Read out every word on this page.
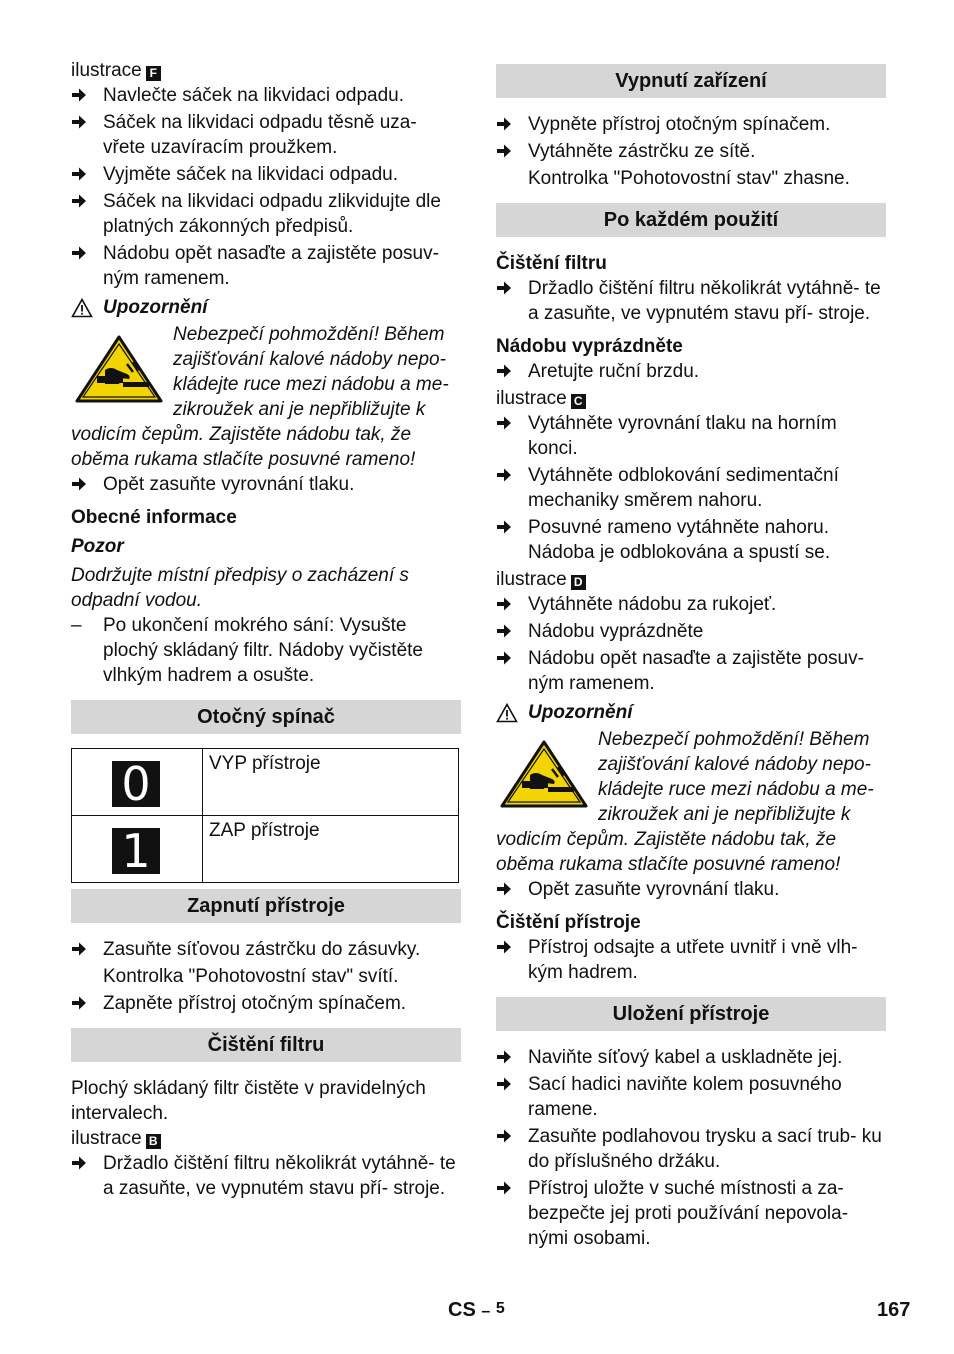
ilustrace F

Navlečte sáček na likvidaci odpadu.
Sáček na likvidaci odpadu těsně uza- vřete uzavíracím proužkem.
Vyjměte sáček na likvidaci odpadu.
Sáček na likvidaci odpadu zlikvidujte dle platných zákonných předpisů.
Nádobu opět nasaďte a zajistěte posuv- ným ramenem.
Upozornění

Nebezpečí pohmoždění! Během

zajišťování kalové nádoby nepo-

kládejte ruce mezi nádobu a me-

zikroužek ani je nepřibližujte k

vodicím čepům. Zajistěte nádobu tak, že

oběma rukama stlačíte posuvné rameno!

Opět zasuňte vyrovnání tlaku.

Obecné informace

Pozor

Dodržujte místní předpisy o zacházení s odpadní vodou.

–	Po ukončení mokrého sání: Vysušte plochý skládaný filtr. Nádoby vyčistěte vlhkým hadrem a osušte.
Otočný spínač
0	VYP přístroje

1	ZAP přístroje
Zapnutí přístroje
Zasuňte síťovou zástrčku do zásuvky.

Kontrolka "Pohotovostní stav" svítí.

Zapněte přístroj otočným spínačem.
Čištění filtru

Plochý skládaný filtr čistěte v pravidelných intervalech.

ilustrace B

Držadlo čištění filtru několikrát vytáhně- te a zasuňte, ve vypnutém stavu pří- stroje.
Vypnutí zařízení
Vypněte přístroj otočným spínačem.
Vytáhněte zástrčku ze sítě.

Kontrolka "Pohotovostní stav" zhasne.

Po každém použití

Čištění filtru

Držadlo čištění filtru několikrát vytáhně- te a zasuňte, ve vypnutém stavu pří- stroje.

Nádobu vyprázdněte

Aretujte ruční brzdu.

ilustrace C

Vytáhněte vyrovnání tlaku na horním konci.
Vytáhněte odblokování sedimentační mechaniky směrem nahoru.
Posuvné rameno vytáhněte nahoru.

Nádoba je odblokována a spustí se.

ilustrace D

Vytáhněte nádobu za rukojeť.
Nádobu vyprázdněte
Nádobu opět nasaďte a zajistěte posuv- ným ramenem.
Upozornění

Nebezpečí pohmoždění! Během

zajišťování kalové nádoby nepo-

kládejte ruce mezi nádobu a me-

zikroužek ani je nepřibližujte k

vodicím čepům. Zajistěte nádobu tak, že

oběma rukama stlačíte posuvné rameno!

Opět zasuňte vyrovnání tlaku.

Čištění přístroje

Přístroj odsajte a utřete uvnitř i vně vlh- kým hadrem.
Uložení přístroje
Naviňte síťový kabel a uskladněte jej.
Sací hadici naviňte kolem posuvného ramene.
Zasuňte podlahovou trysku a sací trub- ku do příslušného držáku.
Přístroj uložte v suché místnosti a za- bezpečte jej proti používání nepovola- nými osobami.
CS – 5	167
